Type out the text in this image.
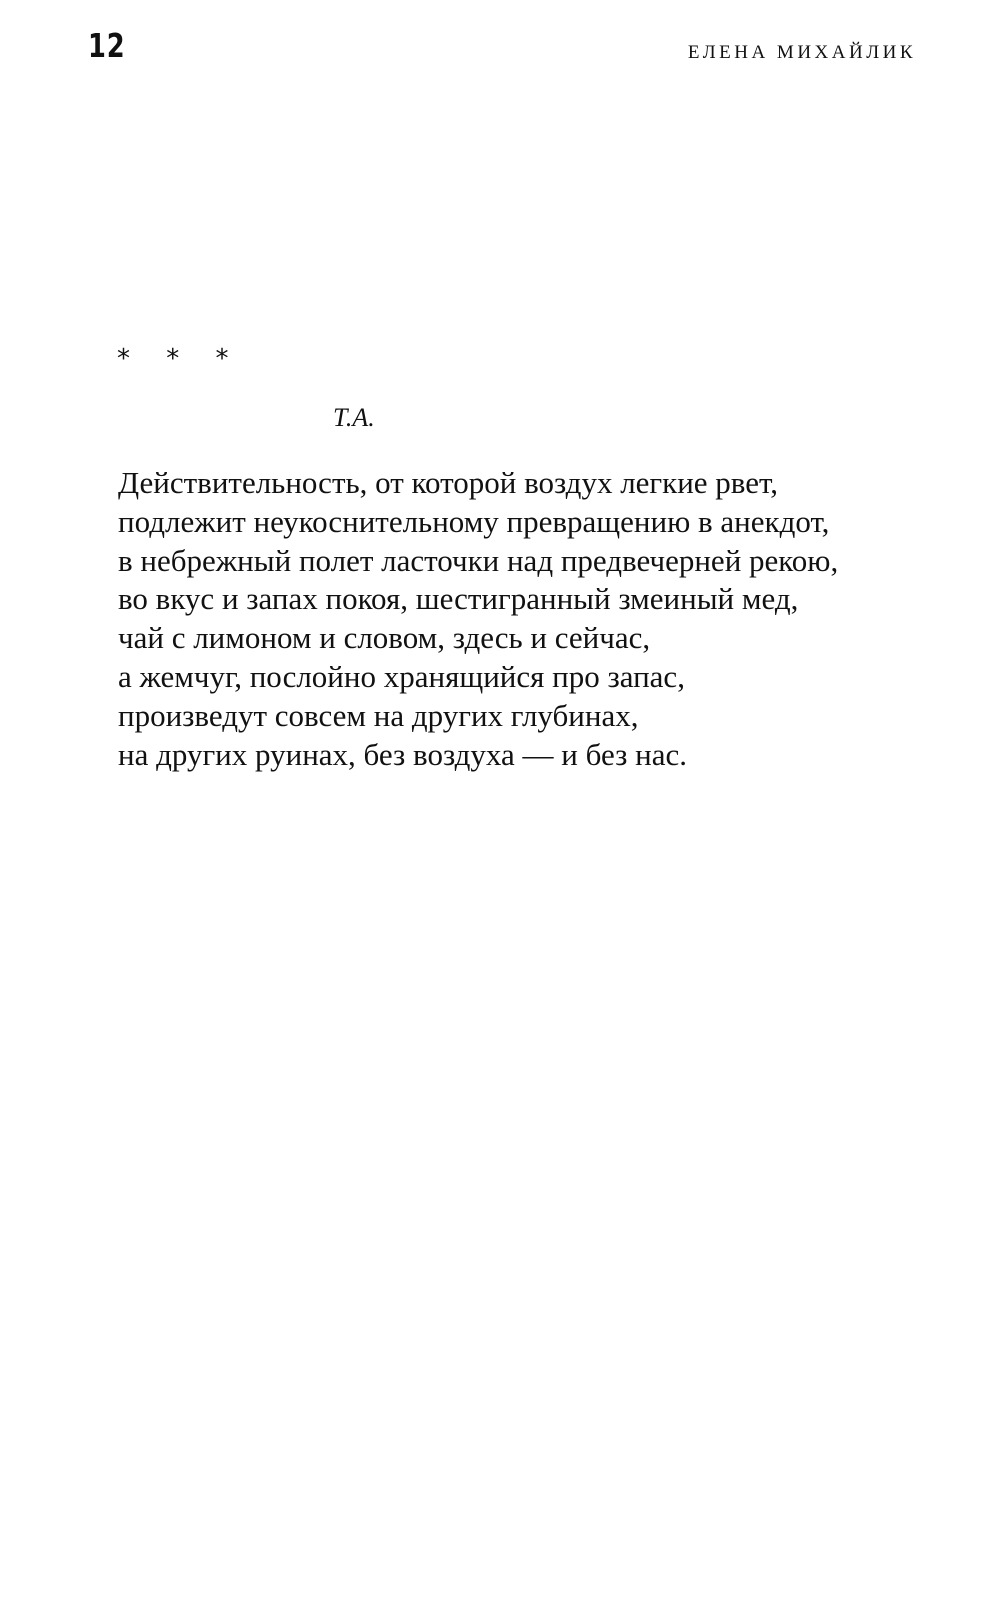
12	ЕЛЕНА МИХАЙЛИК
* * *
Т.А.
Действительность, от которой воздух легкие рвет,
подлежит неукоснительному превращению в анекдот,
в небрежный полет ласточки над предвечерней рекою,
во вкус и запах покоя, шестигранный змеиный мед,
чай с лимоном и словом, здесь и сейчас,
а жемчуг, послойно хранящийся про запас,
произведут совсем на других глубинах,
на других руинах, без воздуха — и без нас.
